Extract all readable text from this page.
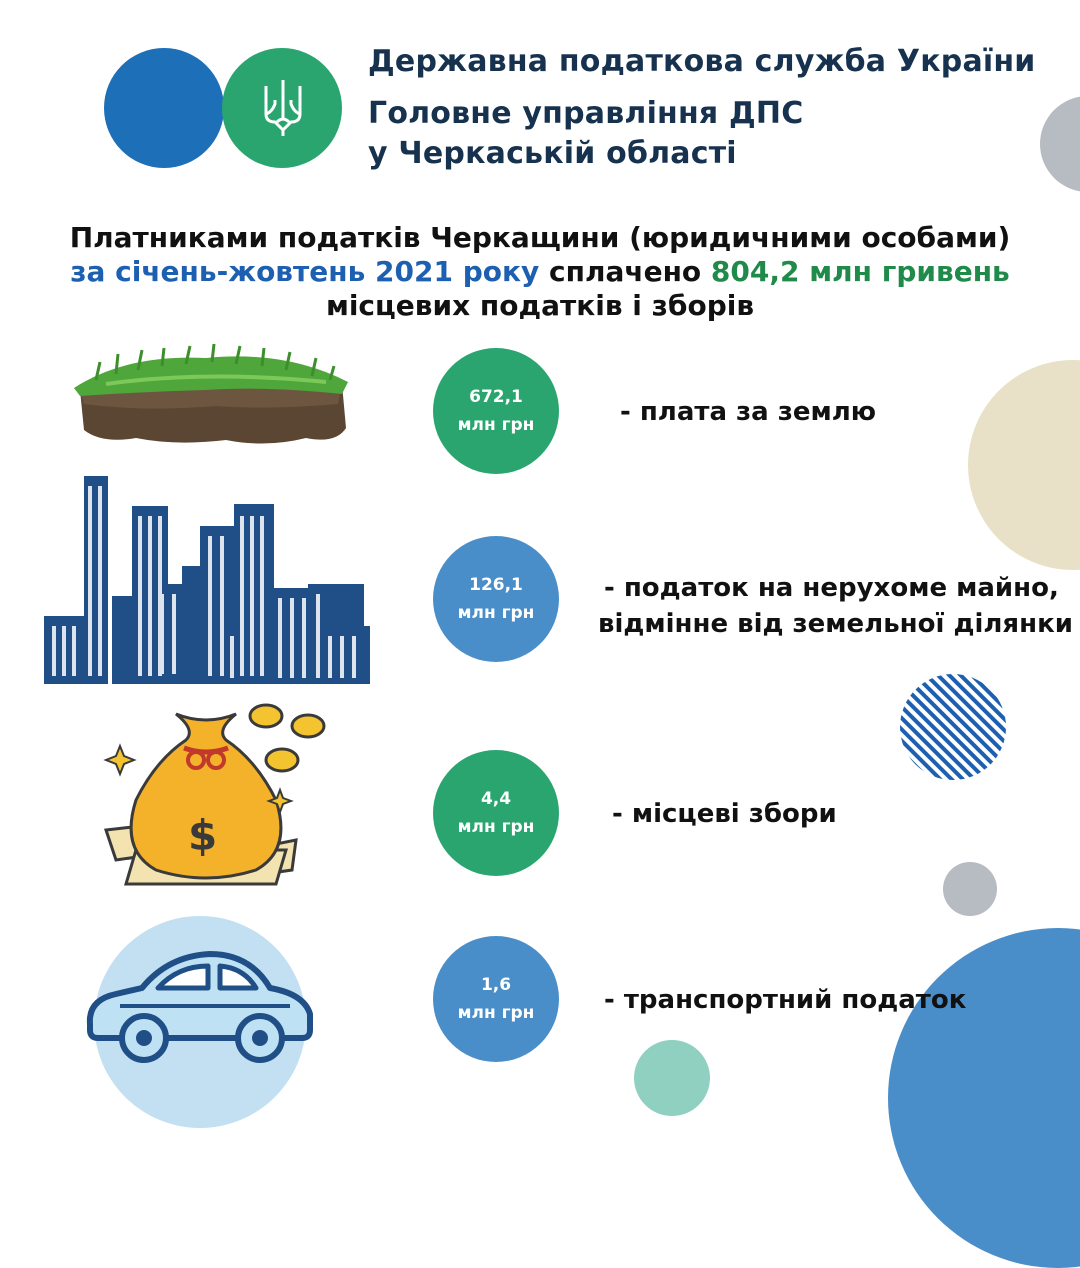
Державна податкова служба України
Головне управління ДПС
у Черкаській області
Платниками податків Черкащини (юридичними особами)
за січень-жовтень 2021 року сплачено 804,2 млн гривень
місцевих податків і зборів
672,1
млн грн	- плата за землю
126,1
млн грн
- податок на нерухоме майно,
відмінне від земельної ділянки
$
4,4
млн грн	- місцеві збори
1,6
млн грн	- транспортний податок
